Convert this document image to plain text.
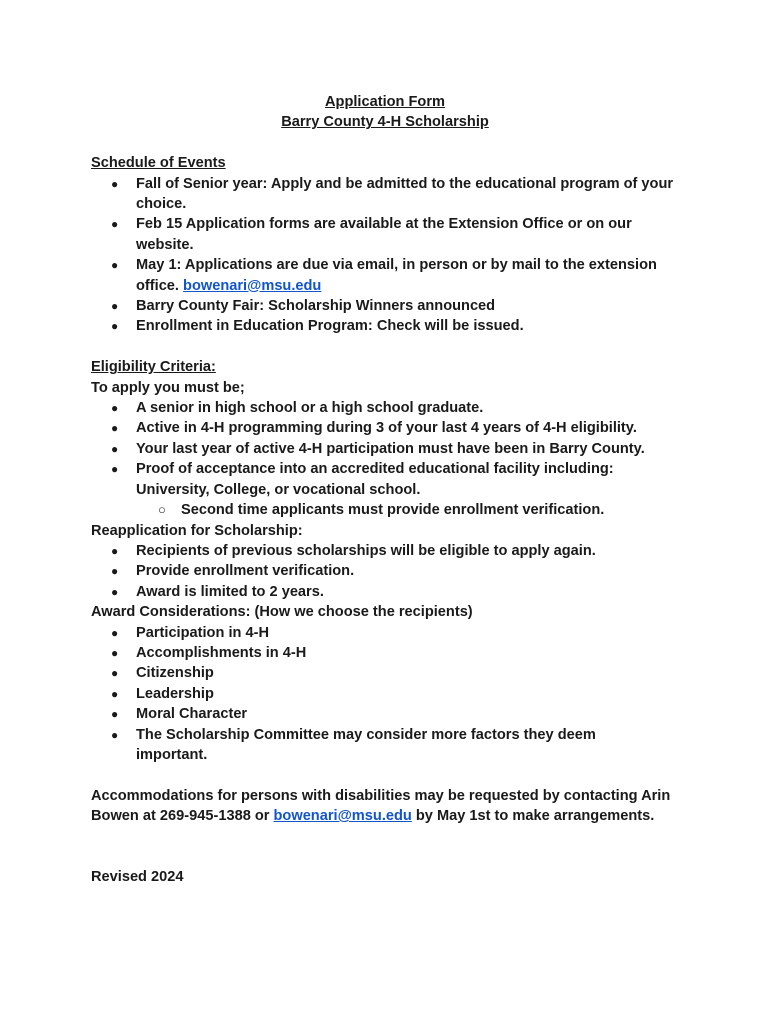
Application Form
Barry County 4-H Scholarship
Schedule of Events
● Fall of Senior year: Apply and be admitted to the educational program of your choice.
● Feb 15 Application forms are available at the Extension Office or on our website.
● May 1: Applications are due via email, in person or by mail to the extension office. bowenari@msu.edu
● Barry County Fair: Scholarship Winners announced
● Enrollment in Education Program: Check will be issued.
Eligibility Criteria:
To apply you must be;
● A senior in high school or a high school graduate.
● Active in 4-H programming during 3 of your last 4 years of 4-H eligibility.
● Your last year of active 4-H participation must have been in Barry County.
● Proof of acceptance into an accredited educational facility including: University, College, or vocational school.
○ Second time applicants must provide enrollment verification.
Reapplication for Scholarship:
● Recipients of previous scholarships will be eligible to apply again.
● Provide enrollment verification.
● Award is limited to 2 years.
Award Considerations: (How we choose the recipients)
● Participation in 4-H
● Accomplishments in 4-H
● Citizenship
● Leadership
● Moral Character
● The Scholarship Committee may consider more factors they deem important.
Accommodations for persons with disabilities may be requested by contacting Arin Bowen at 269-945-1388 or bowenari@msu.edu by May 1st to make arrangements.
Revised 2024
